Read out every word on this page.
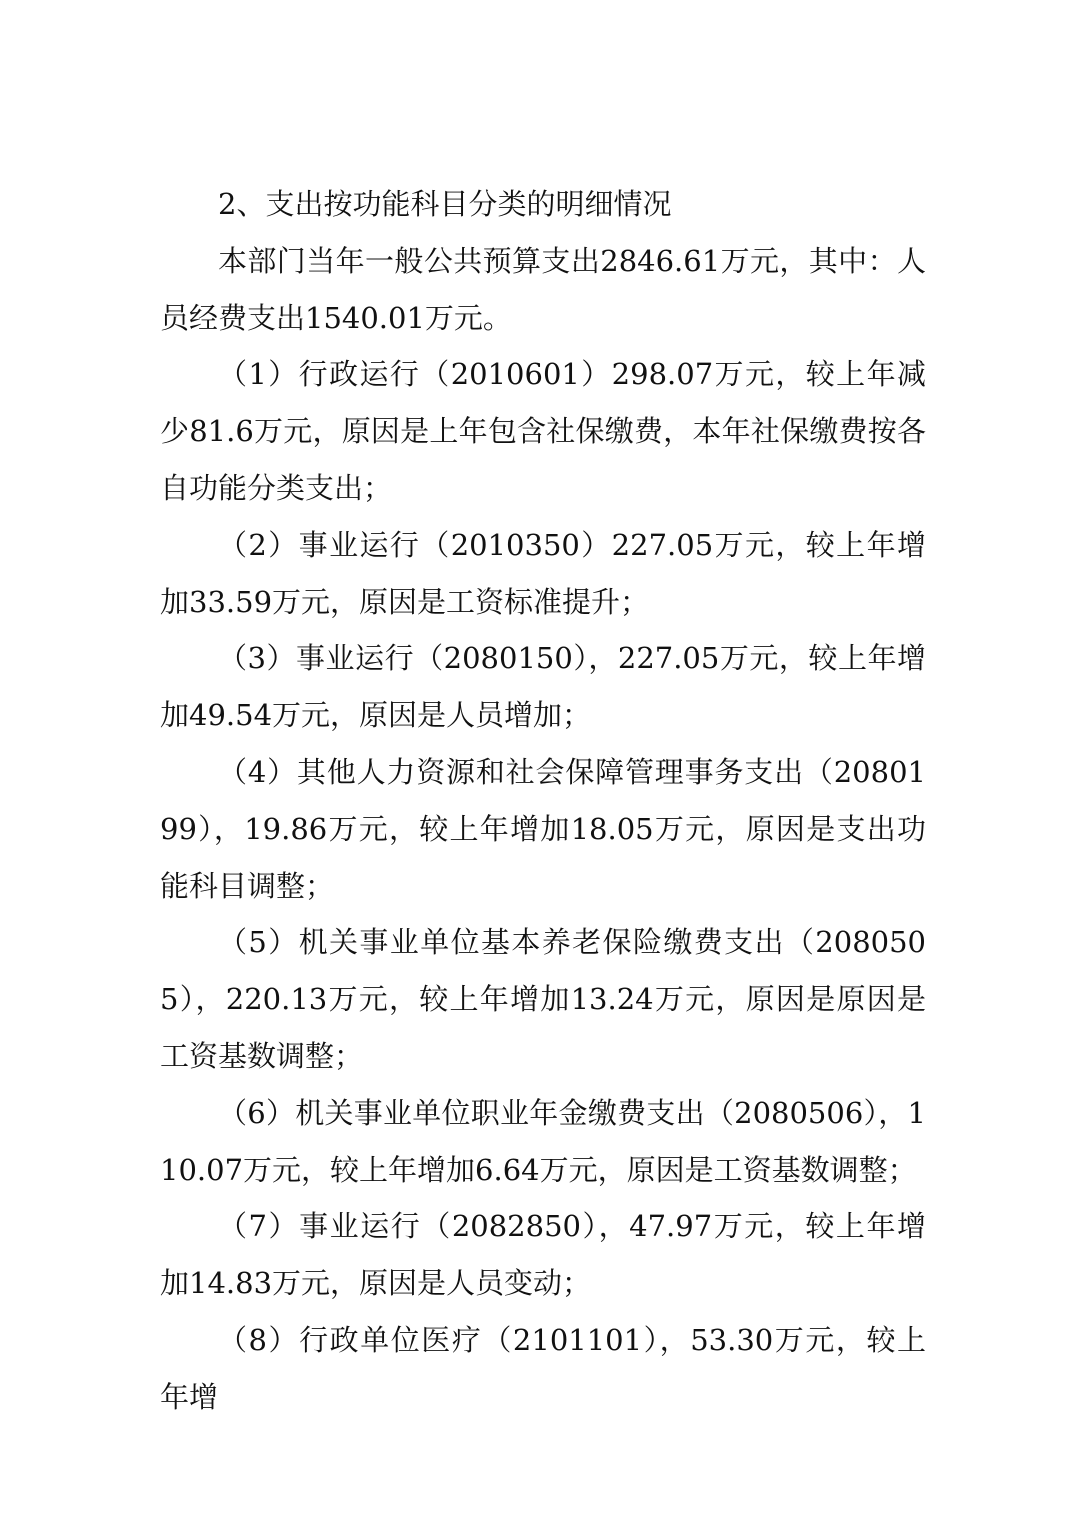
2、支出按功能科目分类的明细情况

本部门当年一般公共预算支出2846.61万元，其中：人员经费支出1540.01万元。

（1）行政运行（2010601）298.07万元，较上年减少81.6万元，原因是上年包含社保缴费，本年社保缴费按各自功能分类支出；

（2）事业运行（2010350）227.05万元，较上年增加33.59万元，原因是工资标准提升；

（3）事业运行（2080150），227.05万元，较上年增加49.54万元，原因是人员增加；

（4）其他人力资源和社会保障管理事务支出（2080199），19.86万元，较上年增加18.05万元，原因是支出功能科目调整；

（5）机关事业单位基本养老保险缴费支出（2080505），220.13万元，较上年增加13.24万元，原因是原因是工资基数调整；

（6）机关事业单位职业年金缴费支出（2080506），110.07万元，较上年增加6.64万元，原因是工资基数调整；

（7）事业运行（2082850），47.97万元，较上年增加14.83万元，原因是人员变动；

（8）行政单位医疗（2101101），53.30万元，较上年增
